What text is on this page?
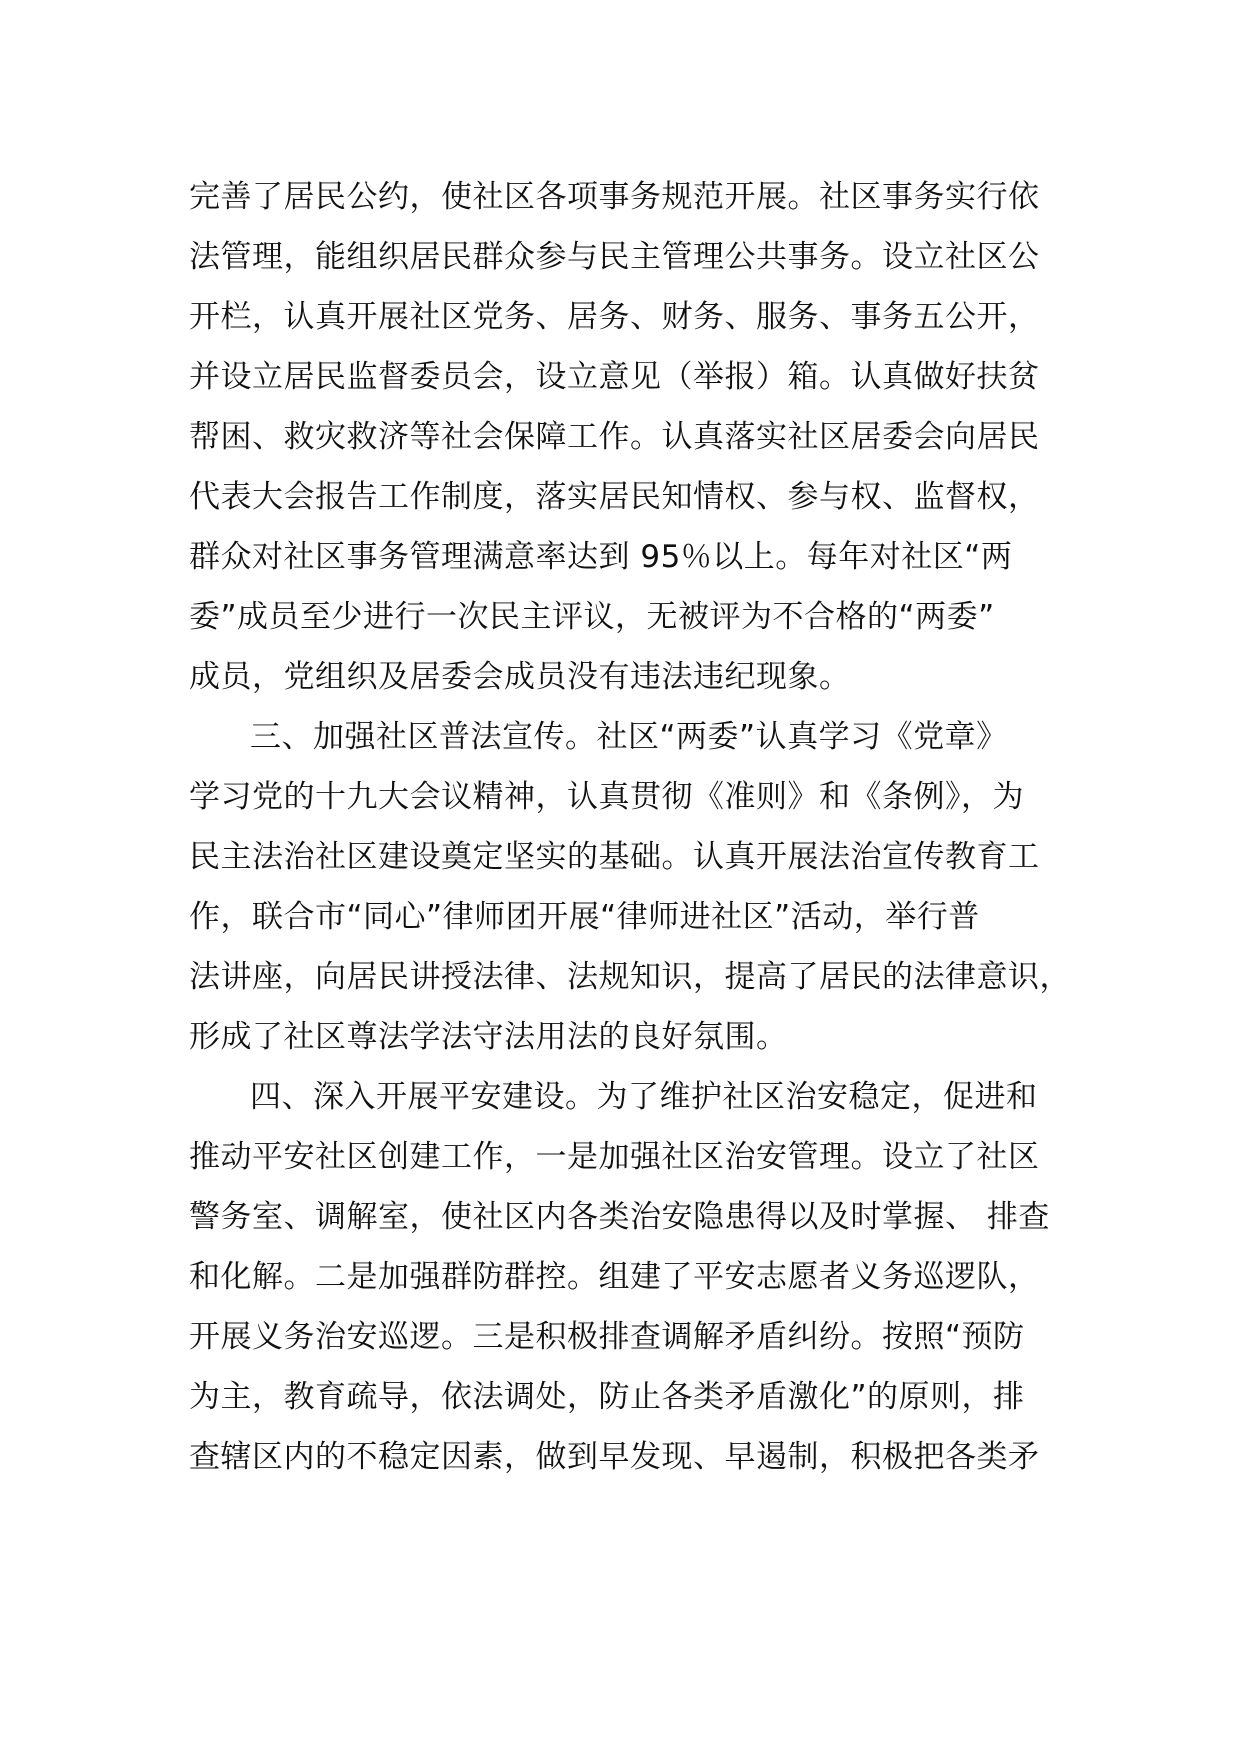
完善了居民公约，使社区各项事务规范开展。社区事务实行依
法管理，能组织居民群众参与民主管理公共事务。设立社区公
开栏，认真开展社区党务、居务、财务、服务、事务五公开，
并设立居民监督委员会，设立意见（举报）箱。认真做好扶贫
帮困、救灾救济等社会保障工作。认真落实社区居委会向居民
代表大会报告工作制度，落实居民知情权、参与权、监督权，
群众对社区事务管理满意率达到 95％以上。每年对社区“两
委”成员至少进行一次民主评议，无被评为不合格的“两委”
成员，党组织及居委会成员没有违法违纪现象。
三、加强社区普法宣传。社区“两委”认真学习《党章》
学习党的十九大会议精神，认真贯彻《准则》和《条例》，为
民主法治社区建设奠定坚实的基础。认真开展法治宣传教育工
作，联合市“同心”律师团开展“律师进社区”活动，举行普
法讲座，向居民讲授法律、法规知识，提高了居民的法律意识，
形成了社区尊法学法守法用法的良好氛围。
四、深入开展平安建设。为了维护社区治安稳定，促进和
推动平安社区创建工作，一是加强社区治安管理。设立了社区
警务室、调解室，使社区内各类治安隐患得以及时掌握、 排查
和化解。二是加强群防群控。组建了平安志愿者义务巡逻队，
开展义务治安巡逻。三是积极排查调解矛盾纠纷。按照“预防
为主，教育疏导，依法调处，防止各类矛盾激化”的原则，排
查辖区内的不稳定因素，做到早发现、早遏制，积极把各类矛
